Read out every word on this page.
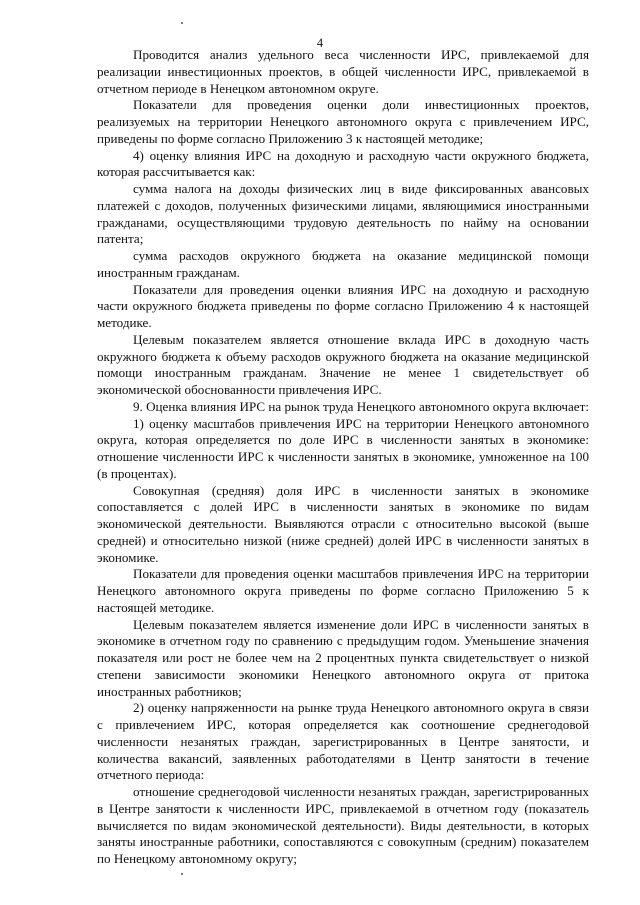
4

Проводится анализ удельного веса численности ИРС, привлекаемой для реализации инвестиционных проектов, в общей численности ИРС, привлекаемой в отчетном периоде в Ненецком автономном округе.

Показатели для проведения оценки доли инвестиционных проектов, реализуемых на территории Ненецкого автономного округа с привлечением ИРС, приведены по форме согласно Приложению 3 к настоящей методике;

4) оценку влияния ИРС на доходную и расходную части окружного бюджета, которая рассчитывается как:

сумма налога на доходы физических лиц в виде фиксированных авансовых платежей с доходов, полученных физическими лицами, являющимися иностранными гражданами, осуществляющими трудовую деятельность по найму на основании патента;

сумма расходов окружного бюджета на оказание медицинской помощи иностранным гражданам.

Показатели для проведения оценки влияния ИРС на доходную и расходную части окружного бюджета приведены по форме согласно Приложению 4 к настоящей методике.

Целевым показателем является отношение вклада ИРС в доходную часть окружного бюджета к объему расходов окружного бюджета на оказание медицинской помощи иностранным гражданам. Значение не менее 1 свидетельствует об экономической обоснованности привлечения ИРС.

9. Оценка влияния ИРС на рынок труда Ненецкого автономного округа включает:

1) оценку масштабов привлечения ИРС на территории Ненецкого автономного округа, которая определяется по доле ИРС в численности занятых в экономике: отношение численности ИРС к численности занятых в экономике, умноженное на 100 (в процентах).

Совокупная (средняя) доля ИРС в численности занятых в экономике сопоставляется с долей ИРС в численности занятых в экономике по видам экономической деятельности. Выявляются отрасли с относительно высокой (выше средней) и относительно низкой (ниже средней) долей ИРС в численности занятых в экономике.

Показатели для проведения оценки масштабов привлечения ИРС на территории Ненецкого автономного округа приведены по форме согласно Приложению 5 к настоящей методике.

Целевым показателем является изменение доли ИРС в численности занятых в экономике в отчетном году по сравнению с предыдущим годом. Уменьшение значения показателя или рост не более чем на 2 процентных пункта свидетельствует о низкой степени зависимости экономики Ненецкого автономного округа от притока иностранных работников;

2) оценку напряженности на рынке труда Ненецкого автономного округа в связи с привлечением ИРС, которая определяется как соотношение среднегодовой численности незанятых граждан, зарегистрированных в Центре занятости, и количества вакансий, заявленных работодателями в Центр занятости в течение отчетного периода:

отношение среднегодовой численности незанятых граждан, зарегистрированных в Центре занятости к численности ИРС, привлекаемой в отчетном году (показатель вычисляется по видам экономической деятельности). Виды деятельности, в которых заняты иностранные работники, сопоставляются с совокупным (средним) показателем по Ненецкому автономному округу;
